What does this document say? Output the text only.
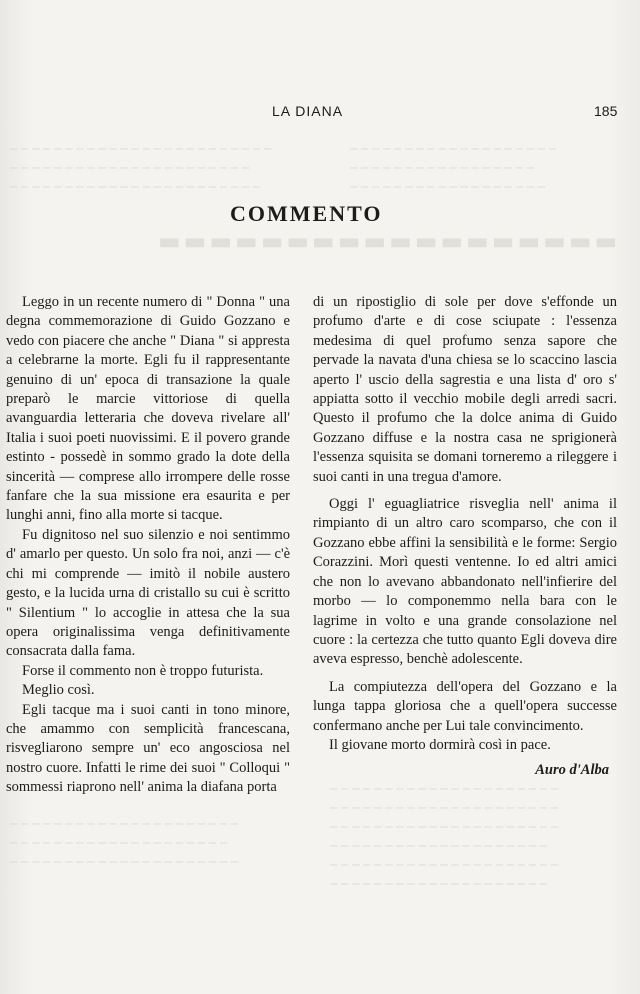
▬▬▬▬▬▬▬▬▬▬▬▬▬▬▬▬▬▬
─ ─ ─ ─ ─ ─ ─ ─ ─ ─ ─ ─ ─ ─ ─ ─ ─ ─ ─ ─ ─ ─ ─ ─
─ ─ ─ ─ ─ ─ ─ ─ ─ ─ ─ ─ ─ ─ ─ ─ ─ ─ ─ ─ ─ ─
─ ─ ─ ─ ─ ─ ─ ─ ─ ─ ─ ─ ─ ─ ─ ─ ─ ─ ─ ─ ─ ─ ─
─ ─ ─ ─ ─ ─ ─ ─ ─ ─ ─ ─ ─ ─ ─ ─ ─ ─ ─
─ ─ ─ ─ ─ ─ ─ ─ ─ ─ ─ ─ ─ ─ ─ ─ ─
─ ─ ─ ─ ─ ─ ─ ─ ─ ─ ─ ─ ─ ─ ─ ─ ─ ─
─ ─ ─ ─ ─ ─ ─ ─ ─ ─ ─ ─ ─ ─ ─ ─ ─ ─ ─ ─ ─
─ ─ ─ ─ ─ ─ ─ ─ ─ ─ ─ ─ ─ ─ ─ ─ ─ ─ ─ ─ ─
─ ─ ─ ─ ─ ─ ─ ─ ─ ─ ─ ─ ─ ─ ─ ─ ─ ─ ─ ─ ─
─ ─ ─ ─ ─ ─ ─ ─ ─ ─ ─ ─ ─ ─ ─ ─ ─ ─ ─ ─
─ ─ ─ ─ ─ ─ ─ ─ ─ ─ ─ ─ ─ ─ ─ ─ ─ ─ ─ ─ ─
─ ─ ─ ─ ─ ─ ─ ─ ─ ─ ─ ─ ─ ─ ─ ─ ─ ─ ─ ─
─ ─ ─ ─ ─ ─ ─ ─ ─ ─ ─ ─ ─ ─ ─ ─ ─ ─ ─ ─ ─
─ ─ ─ ─ ─ ─ ─ ─ ─ ─ ─ ─ ─ ─ ─ ─ ─ ─ ─ ─
─ ─ ─ ─ ─ ─ ─ ─ ─ ─ ─ ─ ─ ─ ─ ─ ─ ─ ─ ─ ─
LA DIANA	185
COMMENTO

Leggo in un recente numero di " Donna " una degna commemorazione di Guido Gozzano e vedo con piacere che anche " Diana " si appresta a celebrarne la morte. Egli fu il rappresentante genuino di un' epoca di transazione la quale preparò le marcie vittoriose di quella avanguardia letteraria che doveva rivelare all' Italia i suoi poeti nuovissimi. E il povero grande estinto - possedè in sommo grado la dote della sincerità — comprese allo irrompere delle rosse fanfare che la sua missione era esaurita e per lunghi anni, fino alla morte si tacque.

Fu dignitoso nel suo silenzio e noi sentimmo d' amarlo per questo. Un solo fra noi, anzi — c'è chi mi comprende — imitò il nobile austero gesto, e la lucida urna di cristallo su cui è scritto " Silentium " lo accoglie in attesa che la sua opera originalissima venga definitivamente consacrata dalla fama.

Forse il commento non è troppo futurista.

Meglio così.

Egli tacque ma i suoi canti in tono minore, che amammo con semplicità francescana, risvegliarono sempre un' eco angosciosa nel nostro cuore. Infatti le rime dei suoi " Colloqui " sommessi riaprono nell' anima la diafana porta

di un ripostiglio di sole per dove s'effonde un profumo d'arte e di cose sciupate : l'essenza medesima di quel profumo senza sapore che pervade la navata d'una chiesa se lo scaccino lascia aperto l' uscio della sagrestia e una lista d' oro s' appiatta sotto il vecchio mobile degli arredi sacri. Questo il profumo che la dolce anima di Guido Gozzano diffuse e la nostra casa ne sprigionerà l'essenza squisita se domani torneremo a rileggere i suoi canti in una tregua d'amore.

Oggi l' eguagliatrice risveglia nell' anima il rimpianto di un altro caro scomparso, che con il Gozzano ebbe affini la sensibilità e le forme: Sergio Corazzini. Morì questi ventenne. Io ed altri amici che non lo avevano abbandonato nell'infierire del morbo — lo componemmo nella bara con le lagrime in volto e una grande consolazione nel cuore : la certezza che tutto quanto Egli doveva dire aveva espresso, benchè adolescente.

La compiutezza dell'opera del Gozzano e la lunga tappa gloriosa che a quell'opera successe confermano anche per Lui tale convincimento.

Il giovane morto dormirà così in pace.

Auro d'Alba
